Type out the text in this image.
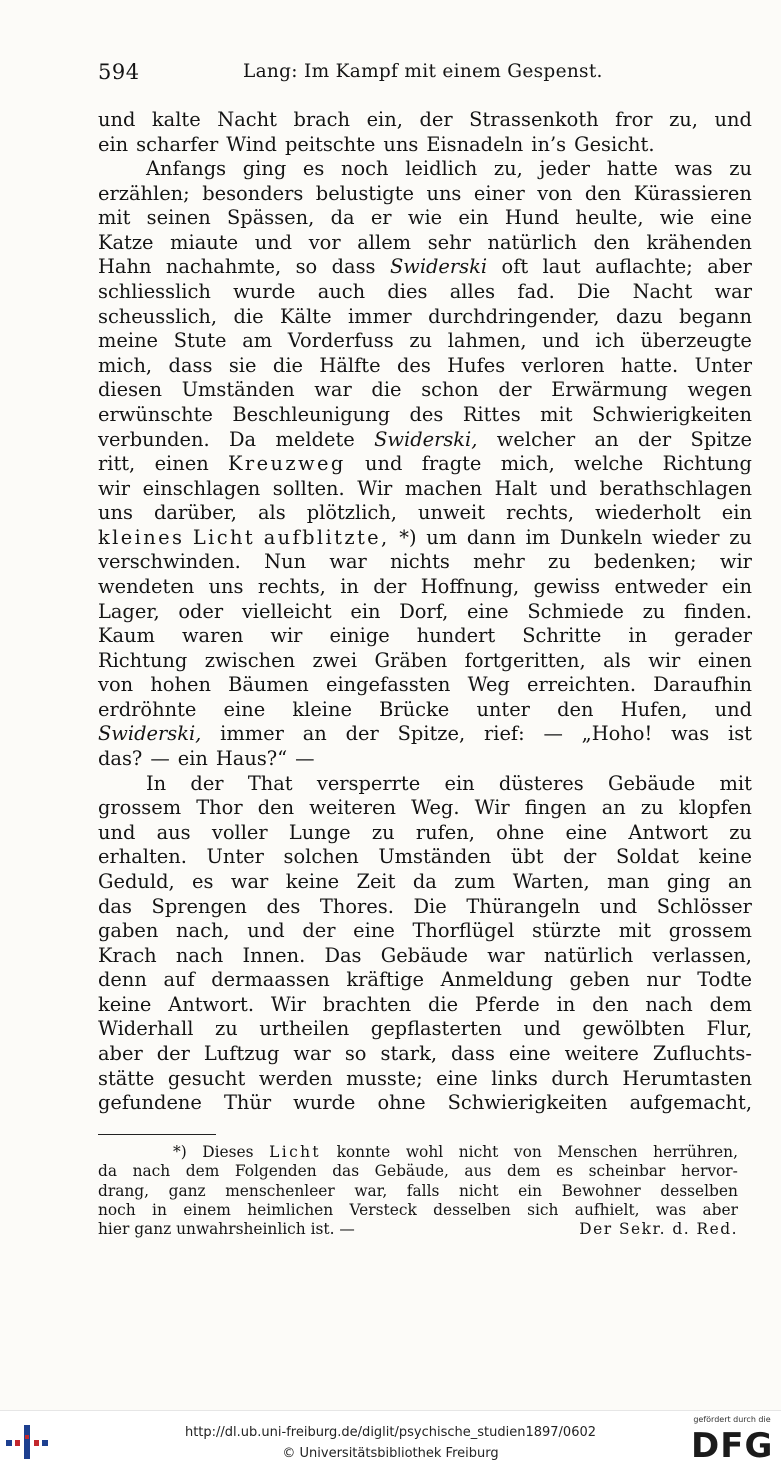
594	Lang: Im Kampf mit einem Gespenst.
und kalte Nacht brach ein, der Strassenkoth fror zu, und
ein scharfer Wind peitschte uns Eisnadeln in’s Gesicht.
Anfangs ging es noch leidlich zu, jeder hatte was zu
erzählen; besonders belustigte uns einer von den Kürassieren
mit seinen Spässen, da er wie ein Hund heulte, wie eine
Katze miaute und vor allem sehr natürlich den krähenden
Hahn nachahmte, so dass Swiderski oft laut auflachte; aber
schliesslich wurde auch dies alles fad. Die Nacht war
scheusslich, die Kälte immer durchdringender, dazu begann
meine Stute am Vorderfuss zu lahmen, und ich überzeugte
mich, dass sie die Hälfte des Hufes verloren hatte. Unter
diesen Umständen war die schon der Erwärmung wegen
erwünschte Beschleunigung des Rittes mit Schwierigkeiten
verbunden. Da meldete Swiderski, welcher an der Spitze
ritt, einen Kreuzweg und fragte mich, welche Richtung
wir einschlagen sollten. Wir machen Halt und berathschlagen
uns darüber, als plötzlich, unweit rechts, wiederholt ein
kleines Licht aufblitzte, *) um dann im Dunkeln wieder zu
verschwinden. Nun war nichts mehr zu bedenken; wir
wendeten uns rechts, in der Hoffnung, gewiss entweder ein
Lager, oder vielleicht ein Dorf, eine Schmiede zu finden.
Kaum waren wir einige hundert Schritte in gerader
Richtung zwischen zwei Gräben fortgeritten, als wir einen
von hohen Bäumen eingefassten Weg erreichten. Daraufhin
erdröhnte eine kleine Brücke unter den Hufen, und
Swiderski, immer an der Spitze, rief: — „Hoho! was ist
das? — ein Haus?“ —
In der That versperrte ein düsteres Gebäude mit
grossem Thor den weiteren Weg. Wir fingen an zu klopfen
und aus voller Lunge zu rufen, ohne eine Antwort zu
erhalten. Unter solchen Umständen übt der Soldat keine
Geduld, es war keine Zeit da zum Warten, man ging an
das Sprengen des Thores. Die Thürangeln und Schlösser
gaben nach, und der eine Thorflügel stürzte mit grossem
Krach nach Innen. Das Gebäude war natürlich verlassen,
denn auf dermaassen kräftige Anmeldung geben nur Todte
keine Antwort. Wir brachten die Pferde in den nach dem
Widerhall zu urtheilen gepflasterten und gewölbten Flur,
aber der Luftzug war so stark, dass eine weitere Zufluchts-
stätte gesucht werden musste; eine links durch Herumtasten
gefundene Thür wurde ohne Schwierigkeiten aufgemacht,
*) Dieses Licht konnte wohl nicht von Menschen herrühren,
da nach dem Folgenden das Gebäude, aus dem es scheinbar hervor-
drang, ganz menschenleer war, falls nicht ein Bewohner desselben
noch in einem heimlichen Versteck desselben sich aufhielt, was aber
hier ganz unwahrsheinlich ist. —	Der Sekr. d. Red.
http://dl.ub.uni-freiburg.de/diglit/psychische_studien1897/0602
© Universitätsbibliothek Freiburg
gefördert durch die
DFG
